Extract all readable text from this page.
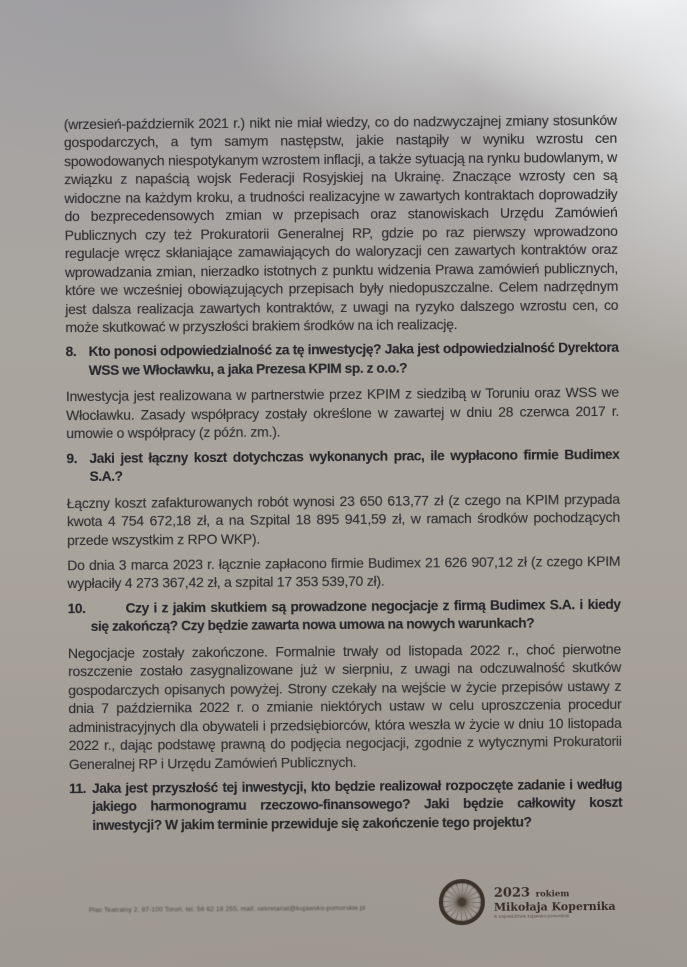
(wrzesień-październik 2021 r.) nikt nie miał wiedzy, co do nadzwyczajnej zmiany stosunków gospodarczych, a tym samym następstw, jakie nastąpiły w wyniku wzrostu cen spowodowanych niespotykanym wzrostem inflacji, a także sytuacją na rynku budowlanym, w związku z napaścią wojsk Federacji Rosyjskiej na Ukrainę. Znaczące wzrosty cen są widoczne na każdym kroku, a trudności realizacyjne w zawartych kontraktach doprowadziły do bezprecedensowych zmian w przepisach oraz stanowiskach Urzędu Zamówień Publicznych czy też Prokuratorii Generalnej RP, gdzie po raz pierwszy wprowadzono regulacje wręcz skłaniające zamawiających do waloryzacji cen zawartych kontraktów oraz wprowadzania zmian, nierzadko istotnych z punktu widzenia Prawa zamówień publicznych, które we wcześniej obowiązujących przepisach były niedopuszczalne. Celem nadrzędnym jest dalsza realizacja zawartych kontraktów, z uwagi na ryzyko dalszego wzrostu cen, co może skutkować w przyszłości brakiem środków na ich realizację.

8. Kto ponosi odpowiedzialność za tę inwestycję? Jaka jest odpowiedzialność Dyrektora WSS we Włocławku, a jaka Prezesa KPIM sp. z o.o.?

Inwestycja jest realizowana w partnerstwie przez KPIM z siedzibą w Toruniu oraz WSS we Włocławku. Zasady współpracy zostały określone w zawartej w dniu 28 czerwca 2017 r. umowie o współpracy (z późn. zm.).

9. Jaki jest łączny koszt dotychczas wykonanych prac, ile wypłacono firmie Budimex S.A.?

Łączny koszt zafakturowanych robót wynosi 23 650 613,77 zł (z czego na KPIM przypada kwota 4 754 672,18 zł, a na Szpital 18 895 941,59 zł, w ramach środków pochodzących przede wszystkim z RPO WKP).

Do dnia 3 marca 2023 r. łącznie zapłacono firmie Budimex 21 626 907,12 zł (z czego KPIM wypłaciły 4 273 367,42 zł, a szpital 17 353 539,70 zł).

10.	Czy i z jakim skutkiem są prowadzone negocjacje z firmą Budimex S.A. i kiedy się zakończą? Czy będzie zawarta nowa umowa na nowych warunkach?

Negocjacje zostały zakończone. Formalnie trwały od listopada 2022 r., choć pierwotne roszczenie zostało zasygnalizowane już w sierpniu, z uwagi na odczuwalność skutków gospodarczych opisanych powyżej. Strony czekały na wejście w życie przepisów ustawy z dnia 7 października 2022 r. o zmianie niektórych ustaw w celu uproszczenia procedur administracyjnych dla obywateli i przedsiębiorców, która weszła w życie w dniu 10 listopada 2022 r., dając podstawę prawną do podjęcia negocjacji, zgodnie z wytycznymi Prokuratorii Generalnej RP i Urzędu Zamówień Publicznych.

11. Jaka jest przyszłość tej inwestycji, kto będzie realizował rozpoczęte zadanie i według jakiego harmonogramu rzeczowo-finansowego? Jaki będzie całkowity koszt inwestycji? W jakim terminie przewiduje się zakończenie tego projektu?
Plac Teatralny 2, 87-100 Toruń, tel. 56 62 18 255, mail: sekretariat@kujawsko-pomorskie.pl
2023 rokiem
Mikołaja Kopernika
w województwie kujawsko-pomorskim
